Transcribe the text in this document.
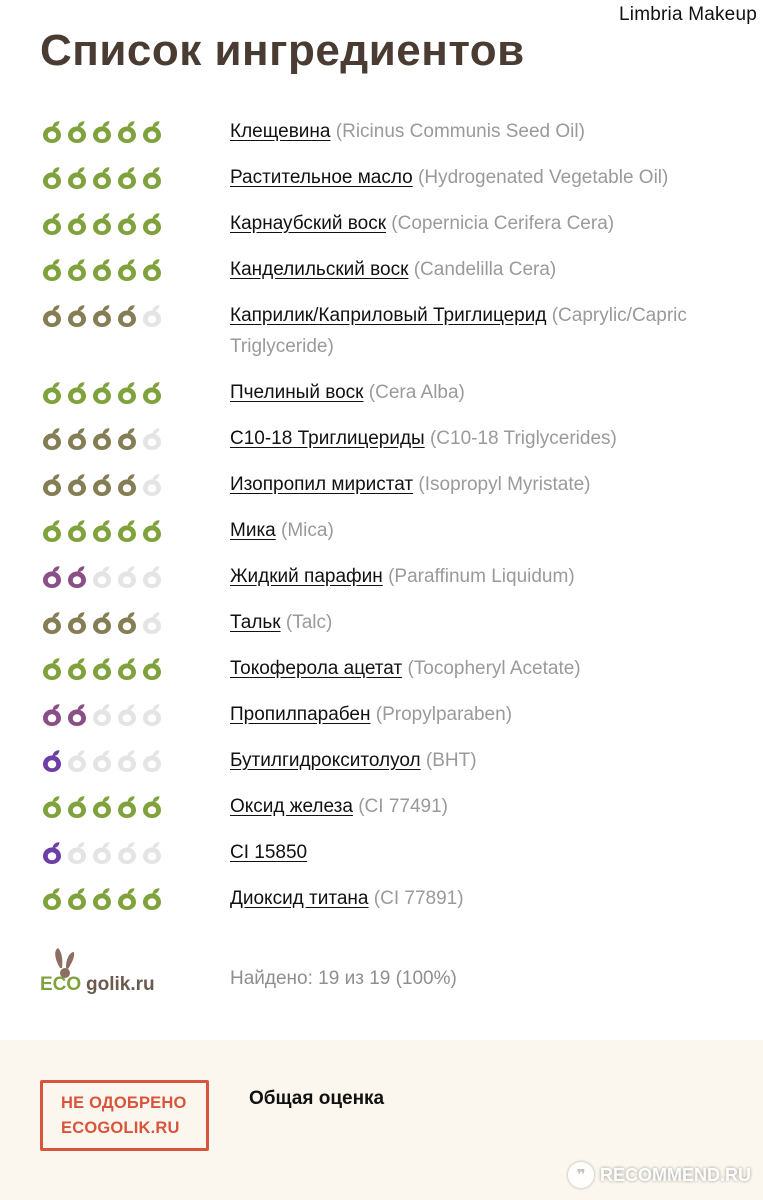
Limbria Makeup
Список ингредиентов
Клещевина (Ricinus Communis Seed Oil)
Растительное масло (Hydrogenated Vegetable Oil)
Карнаубский воск (Copernicia Cerifera Cera)
Канделильский воск (Candelilla Cera)
Каприлик/Каприловый Триглицерид (Caprylic/Capric Triglyceride)
Пчелиный воск (Cera Alba)
С10-18 Триглицериды (C10-18 Triglycerides)
Изопропил миристат (Isopropyl Myristate)
Мика (Mica)
Жидкий парафин (Paraffinum Liquidum)
Тальк (Talc)
Токоферола ацетат (Tocopheryl Acetate)
Пропилпарабен (Propylparaben)
Бутилгидрокситолуол (BHT)
Оксид железа (CI 77491)
CI 15850
Диоксид титана (CI 77891)
ECO golik.ru	Найдено: 19 из 19 (100%)
НЕ ОДОБРЕНО
ECOGOLIK.RU
Общая оценка
❞ RECOMMEND.RU
